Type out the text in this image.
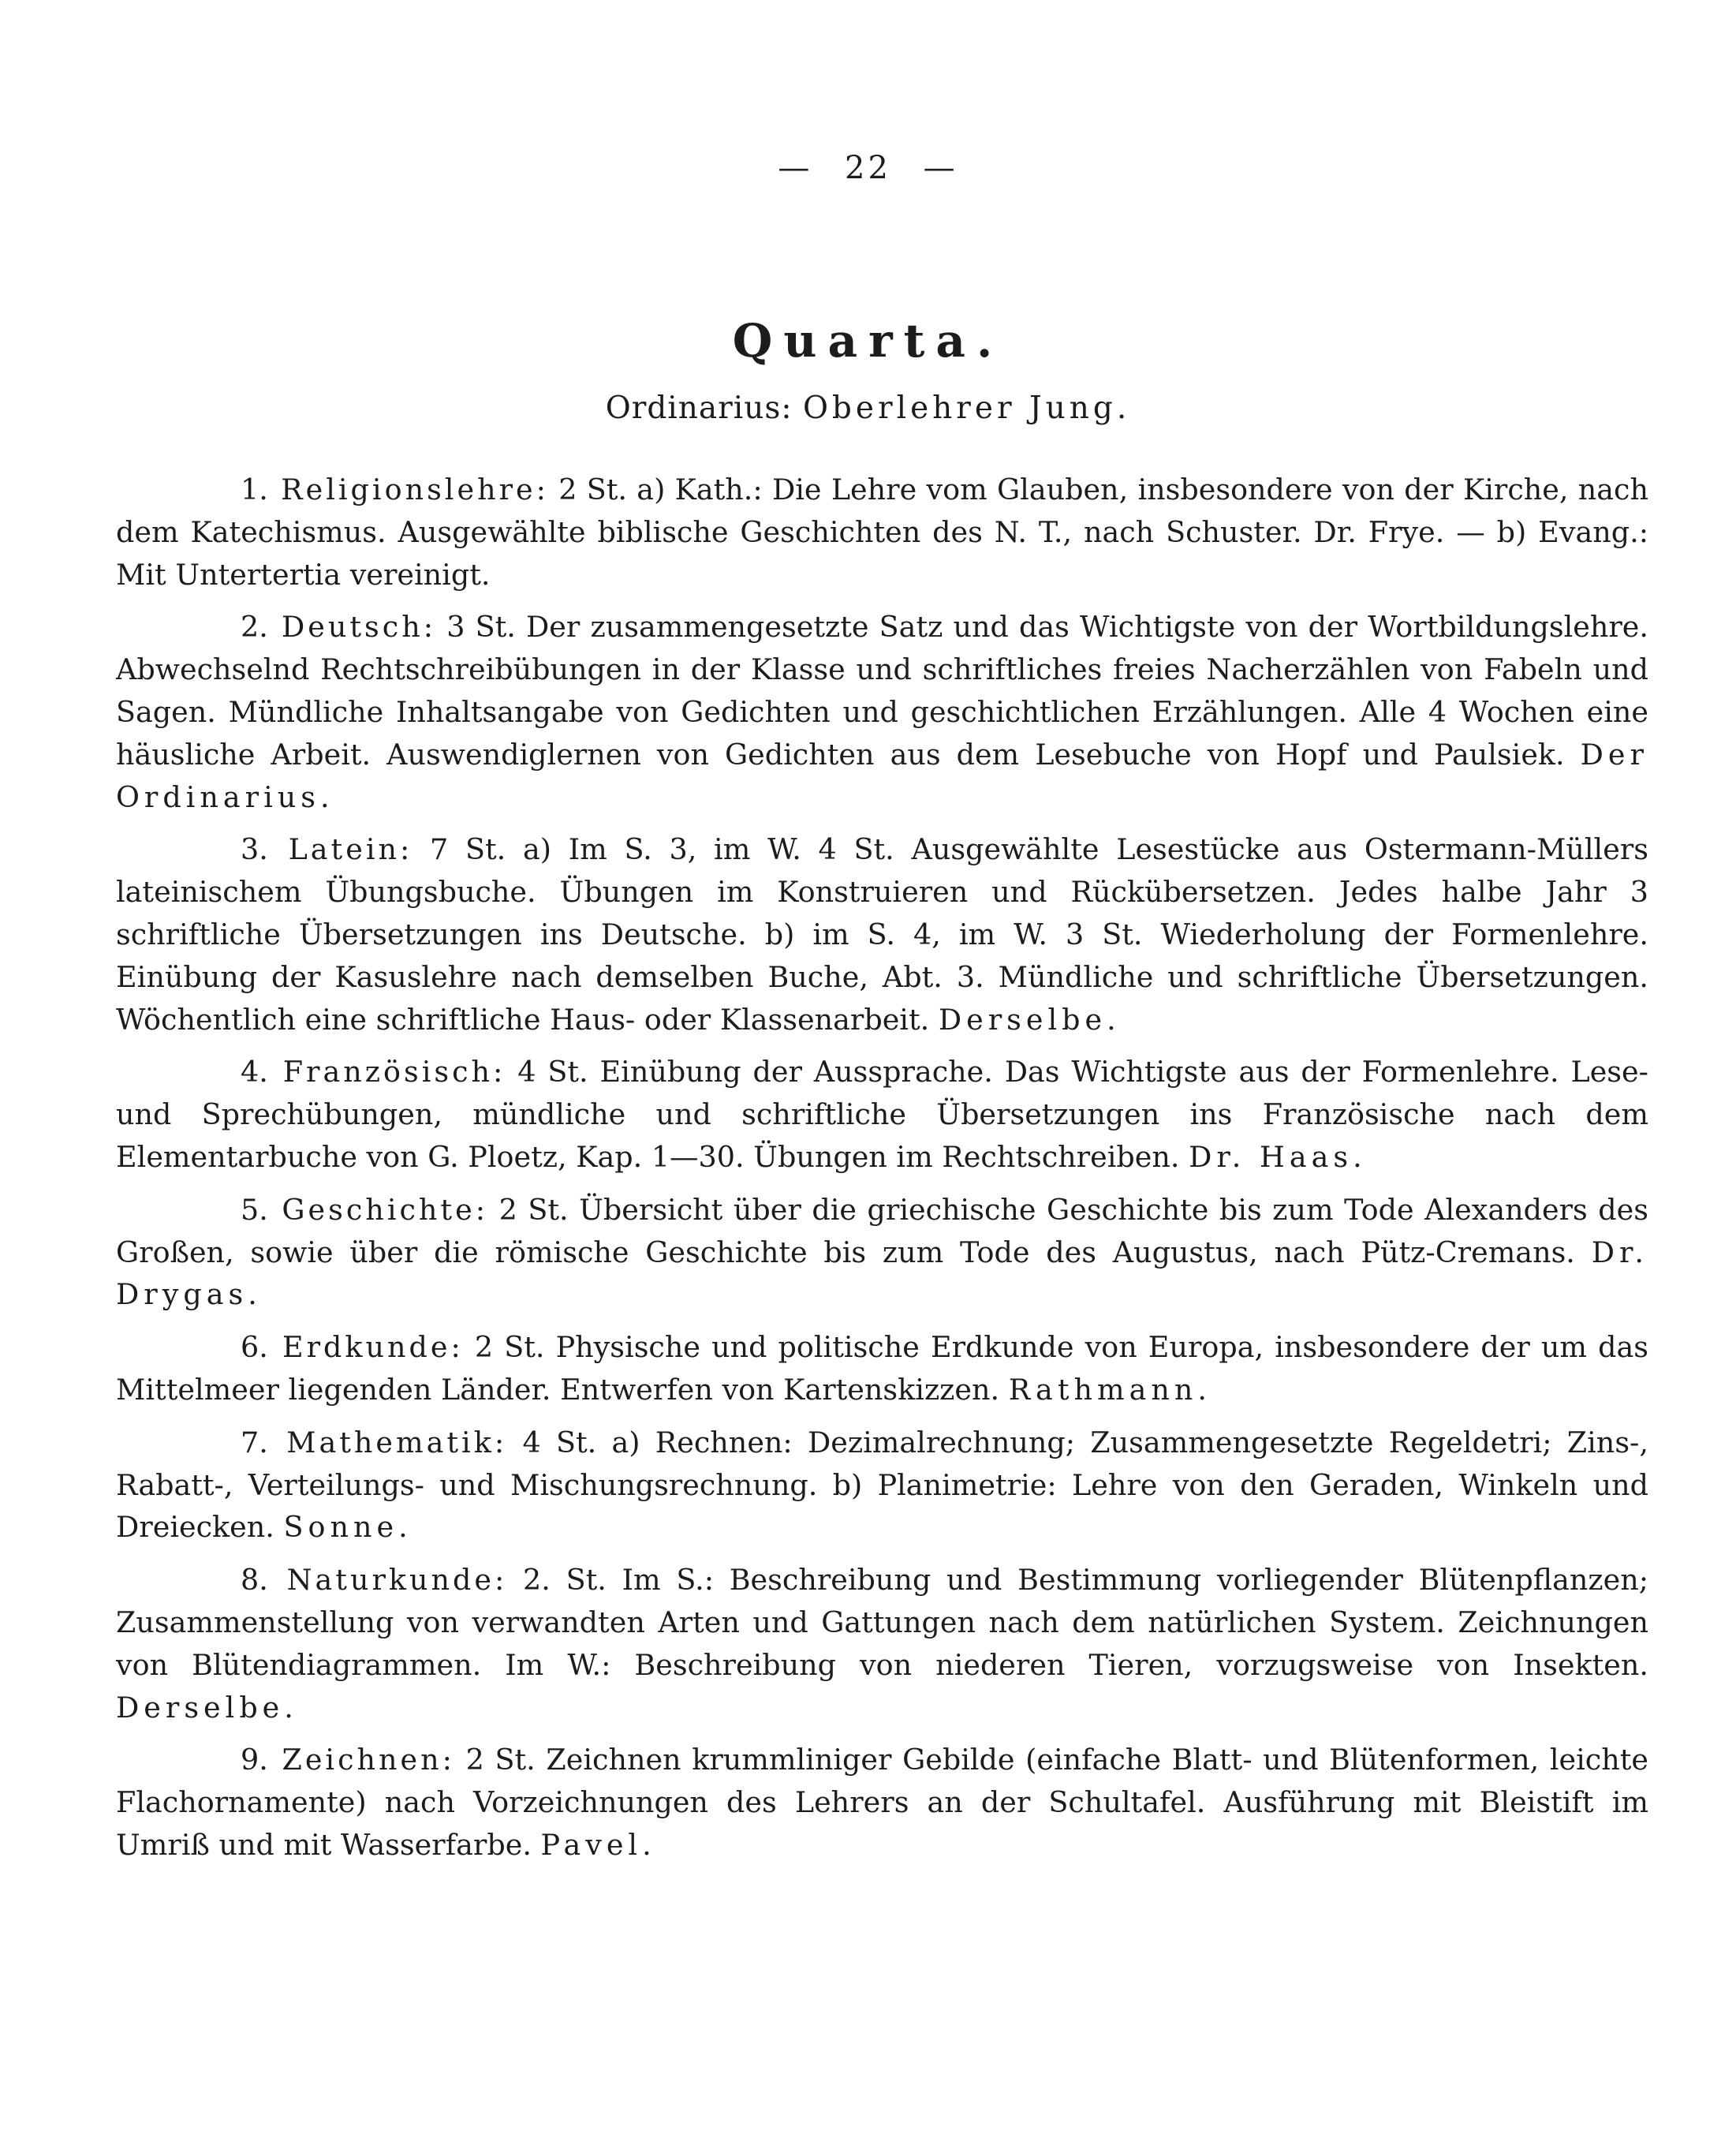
— 22 —
Quarta.
Ordinarius: Oberlehrer Jung.

1. Religionslehre: 2 St. a) Kath.: Die Lehre vom Glauben, insbesondere von der Kirche, nach dem Katechismus. Ausgewählte biblische Geschichten des N. T., nach Schuster. Dr. Frye. — b) Evang.: Mit Untertertia vereinigt.

2. Deutsch: 3 St. Der zusammengesetzte Satz und das Wichtigste von der Wortbildungslehre. Abwechselnd Rechtschreibübungen in der Klasse und schriftliches freies Nacherzählen von Fabeln und Sagen. Mündliche Inhaltsangabe von Gedichten und geschichtlichen Erzählungen. Alle 4 Wochen eine häusliche Arbeit. Auswendiglernen von Gedichten aus dem Lesebuche von Hopf und Paulsiek. Der Ordinarius.

3. Latein: 7 St. a) Im S. 3, im W. 4 St. Ausgewählte Lesestücke aus Ostermann-Müllers lateinischem Übungsbuche. Übungen im Konstruieren und Rückübersetzen. Jedes halbe Jahr 3 schriftliche Übersetzungen ins Deutsche. b) im S. 4, im W. 3 St. Wiederholung der Formenlehre. Einübung der Kasuslehre nach demselben Buche, Abt. 3. Mündliche und schriftliche Übersetzungen. Wöchentlich eine schriftliche Haus- oder Klassenarbeit. Derselbe.

4. Französisch: 4 St. Einübung der Aussprache. Das Wichtigste aus der Formenlehre. Lese- und Sprechübungen, mündliche und schriftliche Übersetzungen ins Französische nach dem Elementarbuche von G. Ploetz, Kap. 1—30. Übungen im Rechtschreiben. Dr. Haas.

5. Geschichte: 2 St. Übersicht über die griechische Geschichte bis zum Tode Alexanders des Großen, sowie über die römische Geschichte bis zum Tode des Augustus, nach Pütz-Cremans. Dr. Drygas.

6. Erdkunde: 2 St. Physische und politische Erdkunde von Europa, insbesondere der um das Mittelmeer liegenden Länder. Entwerfen von Kartenskizzen. Rathmann.

7. Mathematik: 4 St. a) Rechnen: Dezimalrechnung; Zusammengesetzte Regeldetri; Zins-, Rabatt-, Verteilungs- und Mischungsrechnung. b) Planimetrie: Lehre von den Geraden, Winkeln und Dreiecken. Sonne.

8. Naturkunde: 2. St. Im S.: Beschreibung und Bestimmung vorliegender Blütenpflanzen; Zusammenstellung von verwandten Arten und Gattungen nach dem natürlichen System. Zeichnungen von Blütendiagrammen. Im W.: Beschreibung von niederen Tieren, vorzugsweise von Insekten. Derselbe.

9. Zeichnen: 2 St. Zeichnen krummliniger Gebilde (einfache Blatt- und Blütenformen, leichte Flachornamente) nach Vorzeichnungen des Lehrers an der Schultafel. Ausführung mit Bleistift im Umriß und mit Wasserfarbe. Pavel.
